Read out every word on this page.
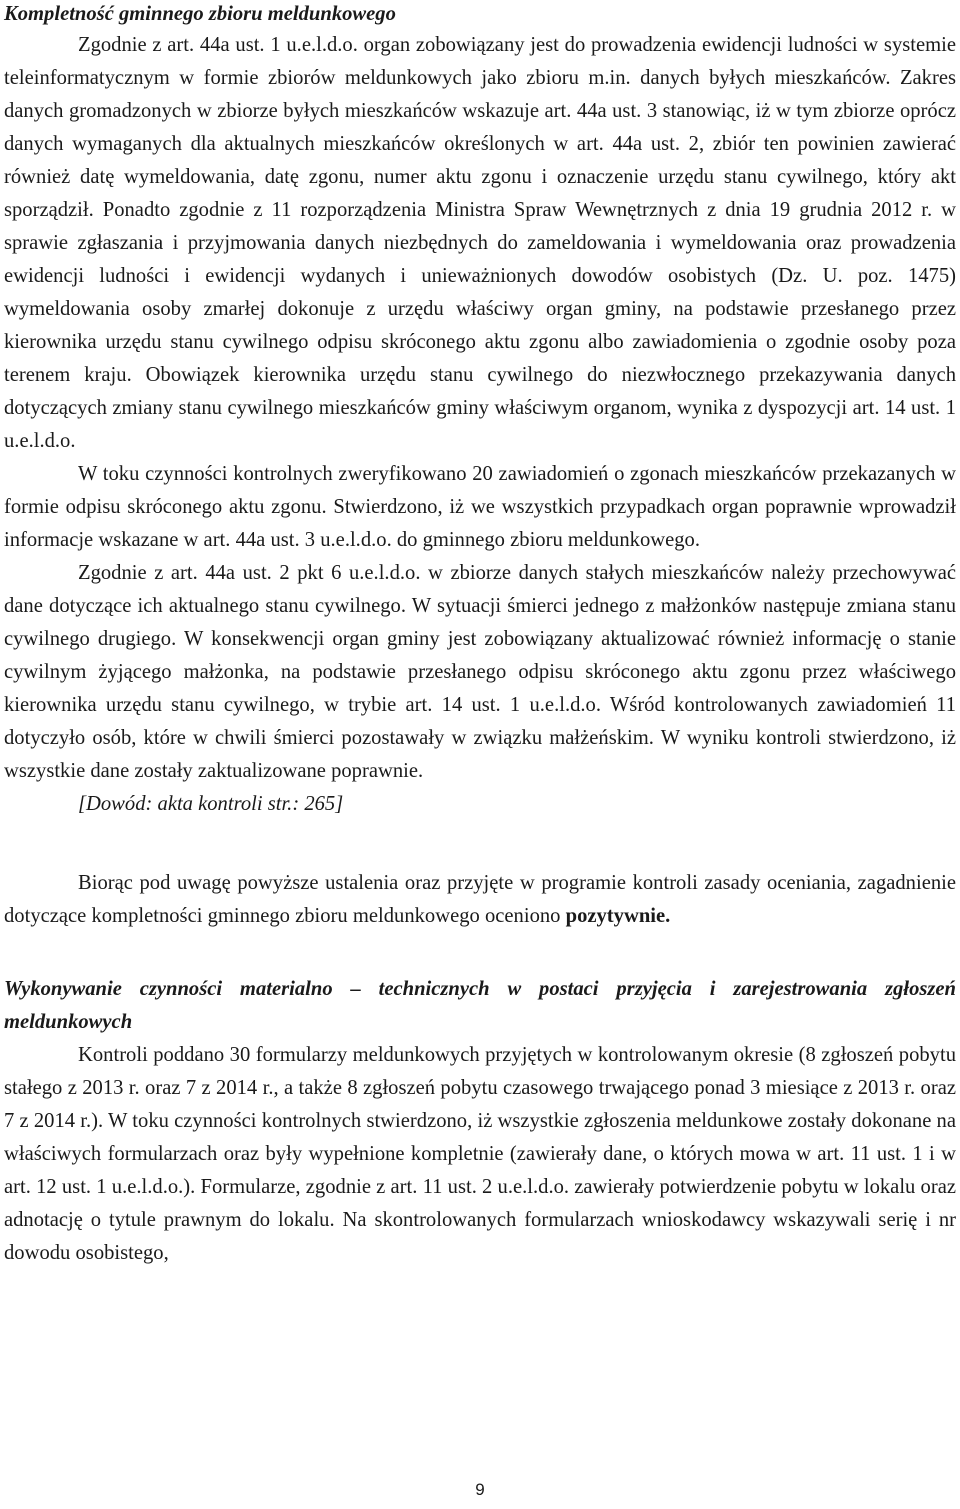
Kompletność gminnego zbioru meldunkowego

Zgodnie z art. 44a ust. 1 u.e.l.d.o. organ zobowiązany jest do prowadzenia ewidencji ludności w systemie teleinformatycznym w formie zbiorów meldunkowych jako zbioru m.in. danych byłych mieszkańców. Zakres danych gromadzonych w zbiorze byłych mieszkańców wskazuje art. 44a ust. 3 stanowiąc, iż w tym zbiorze oprócz danych wymaganych dla aktualnych mieszkańców określonych w art. 44a ust. 2, zbiór ten powinien zawierać również datę wymeldowania, datę zgonu, numer aktu zgonu i oznaczenie urzędu stanu cywilnego, który akt sporządził. Ponadto zgodnie z 11 rozporządzenia Ministra Spraw Wewnętrznych z dnia 19 grudnia 2012 r. w sprawie zgłaszania i przyjmowania danych niezbędnych do zameldowania i wymeldowania oraz prowadzenia ewidencji ludności i ewidencji wydanych i unieważnionych dowodów osobistych (Dz. U. poz. 1475) wymeldowania osoby zmarłej dokonuje z urzędu właściwy organ gminy, na podstawie przesłanego przez kierownika urzędu stanu cywilnego odpisu skróconego aktu zgonu albo zawiadomienia o zgodnie osoby poza terenem kraju. Obowiązek kierownika urzędu stanu cywilnego do niezwłocznego przekazywania danych dotyczących zmiany stanu cywilnego mieszkańców gminy właściwym organom, wynika z dyspozycji art. 14 ust. 1 u.e.l.d.o.

W toku czynności kontrolnych zweryfikowano 20 zawiadomień o zgonach mieszkańców przekazanych w formie odpisu skróconego aktu zgonu. Stwierdzono, iż we wszystkich przypadkach organ poprawnie wprowadził informacje wskazane w art. 44a ust. 3 u.e.l.d.o. do gminnego zbioru meldunkowego.

Zgodnie z art. 44a ust. 2 pkt 6 u.e.l.d.o. w zbiorze danych stałych mieszkańców należy przechowywać dane dotyczące ich aktualnego stanu cywilnego. W sytuacji śmierci jednego z małżonków następuje zmiana stanu cywilnego drugiego. W konsekwencji organ gminy jest zobowiązany aktualizować również informację o stanie cywilnym żyjącego małżonka, na podstawie przesłanego odpisu skróconego aktu zgonu przez właściwego kierownika urzędu stanu cywilnego, w trybie art. 14 ust. 1 u.e.l.d.o. Wśród kontrolowanych zawiadomień 11 dotyczyło osób, które w chwili śmierci pozostawały w związku małżeńskim. W wyniku kontroli stwierdzono, iż wszystkie dane zostały zaktualizowane poprawnie.

[Dowód: akta kontroli str.: 265]

Biorąc pod uwagę powyższe ustalenia oraz przyjęte w programie kontroli zasady oceniania, zagadnienie dotyczące kompletności gminnego zbioru meldunkowego oceniono pozytywnie.

Wykonywanie czynności materialno – technicznych w postaci przyjęcia i zarejestrowania zgłoszeń meldunkowych

Kontroli poddano 30 formularzy meldunkowych przyjętych w kontrolowanym okresie (8 zgłoszeń pobytu stałego z 2013 r. oraz 7 z 2014 r., a także 8 zgłoszeń pobytu czasowego trwającego ponad 3 miesiące z 2013 r. oraz 7 z 2014 r.). W toku czynności kontrolnych stwierdzono, iż wszystkie zgłoszenia meldunkowe zostały dokonane na właściwych formularzach oraz były wypełnione kompletnie (zawierały dane, o których mowa w art. 11 ust. 1 i w art. 12 ust. 1 u.e.l.d.o.). Formularze, zgodnie z art. 11 ust. 2 u.e.l.d.o. zawierały potwierdzenie pobytu w lokalu oraz adnotację o tytule prawnym do lokalu. Na skontrolowanych formularzach wnioskodawcy wskazywali serię i nr dowodu osobistego,

9
